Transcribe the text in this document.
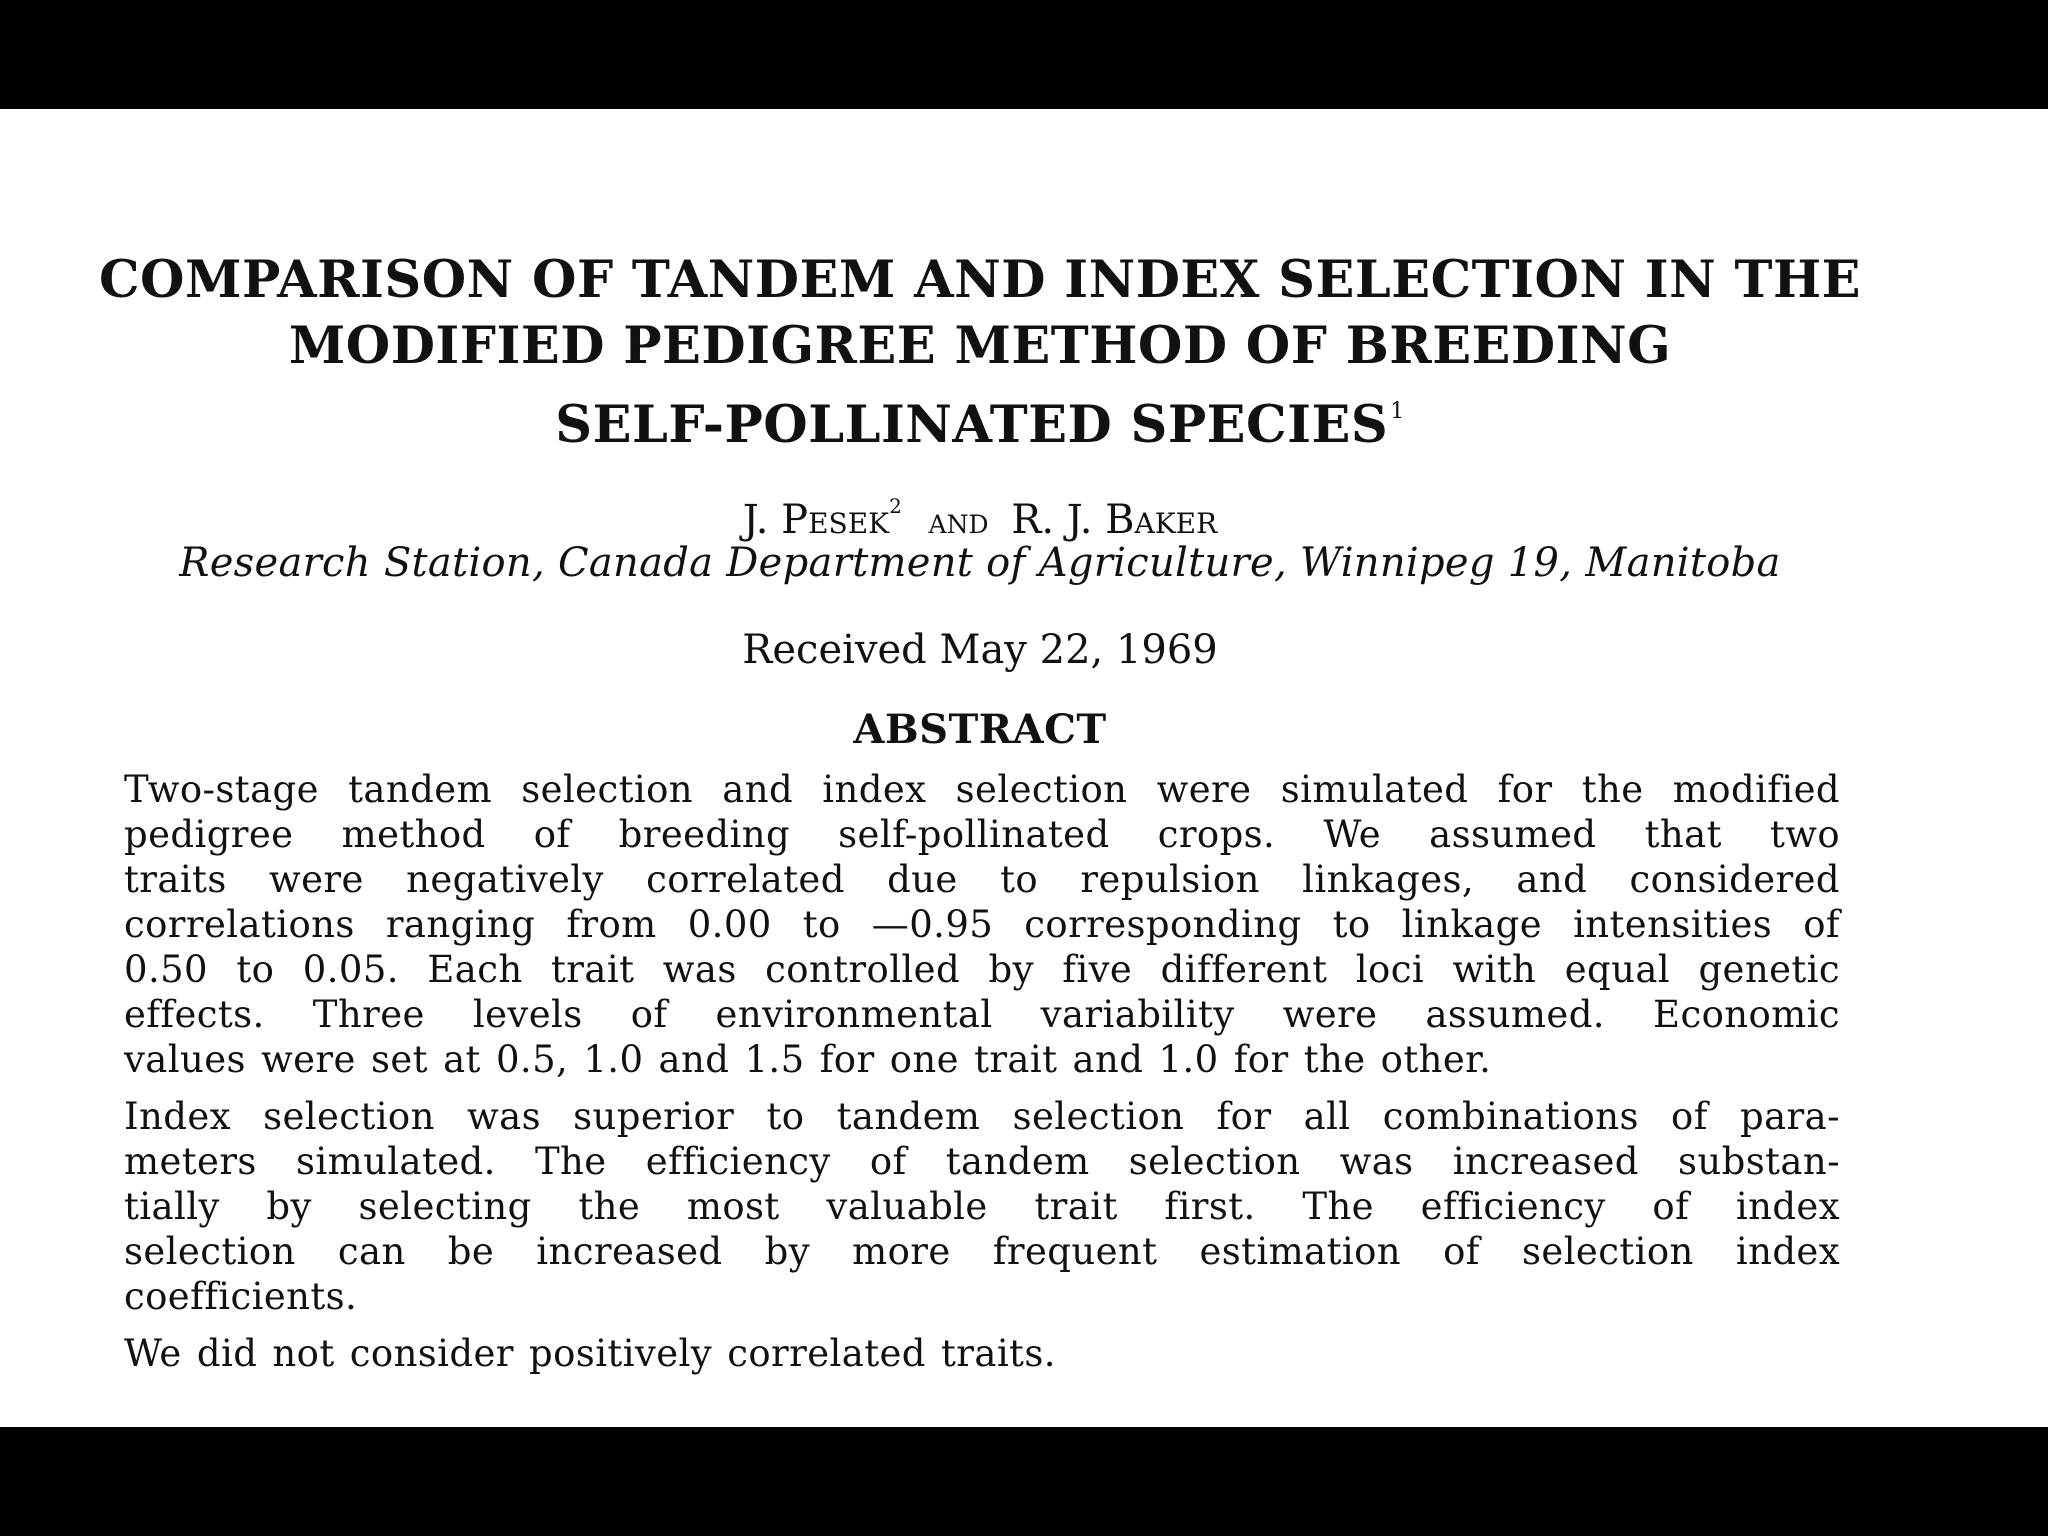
COMPARISON OF TANDEM AND INDEX SELECTION IN THE
MODIFIED PEDIGREE METHOD OF BREEDING
SELF-POLLINATED SPECIES$^1$
J. Pesek$^2$ and R. J. Baker
Research Station, Canada Department of Agriculture, Winnipeg 19, Manitoba
Received May 22, 1969
ABSTRACT
Two-stage tandem selection and index selection were simulated for the modified
pedigree method of breeding self-pollinated crops. We assumed that two
traits were negatively correlated due to repulsion linkages, and considered
correlations ranging from 0.00 to —0.95 corresponding to linkage intensities of
0.50 to 0.05. Each trait was controlled by five different loci with equal genetic
effects. Three levels of environmental variability were assumed. Economic
values were set at 0.5, 1.0 and 1.5 for one trait and 1.0 for the other.
Index selection was superior to tandem selection for all combinations of para-
meters simulated. The efficiency of tandem selection was increased substan-
tially by selecting the most valuable trait first. The efficiency of index
selection can be increased by more frequent estimation of selection index
coefficients.
We did not consider positively correlated traits.
